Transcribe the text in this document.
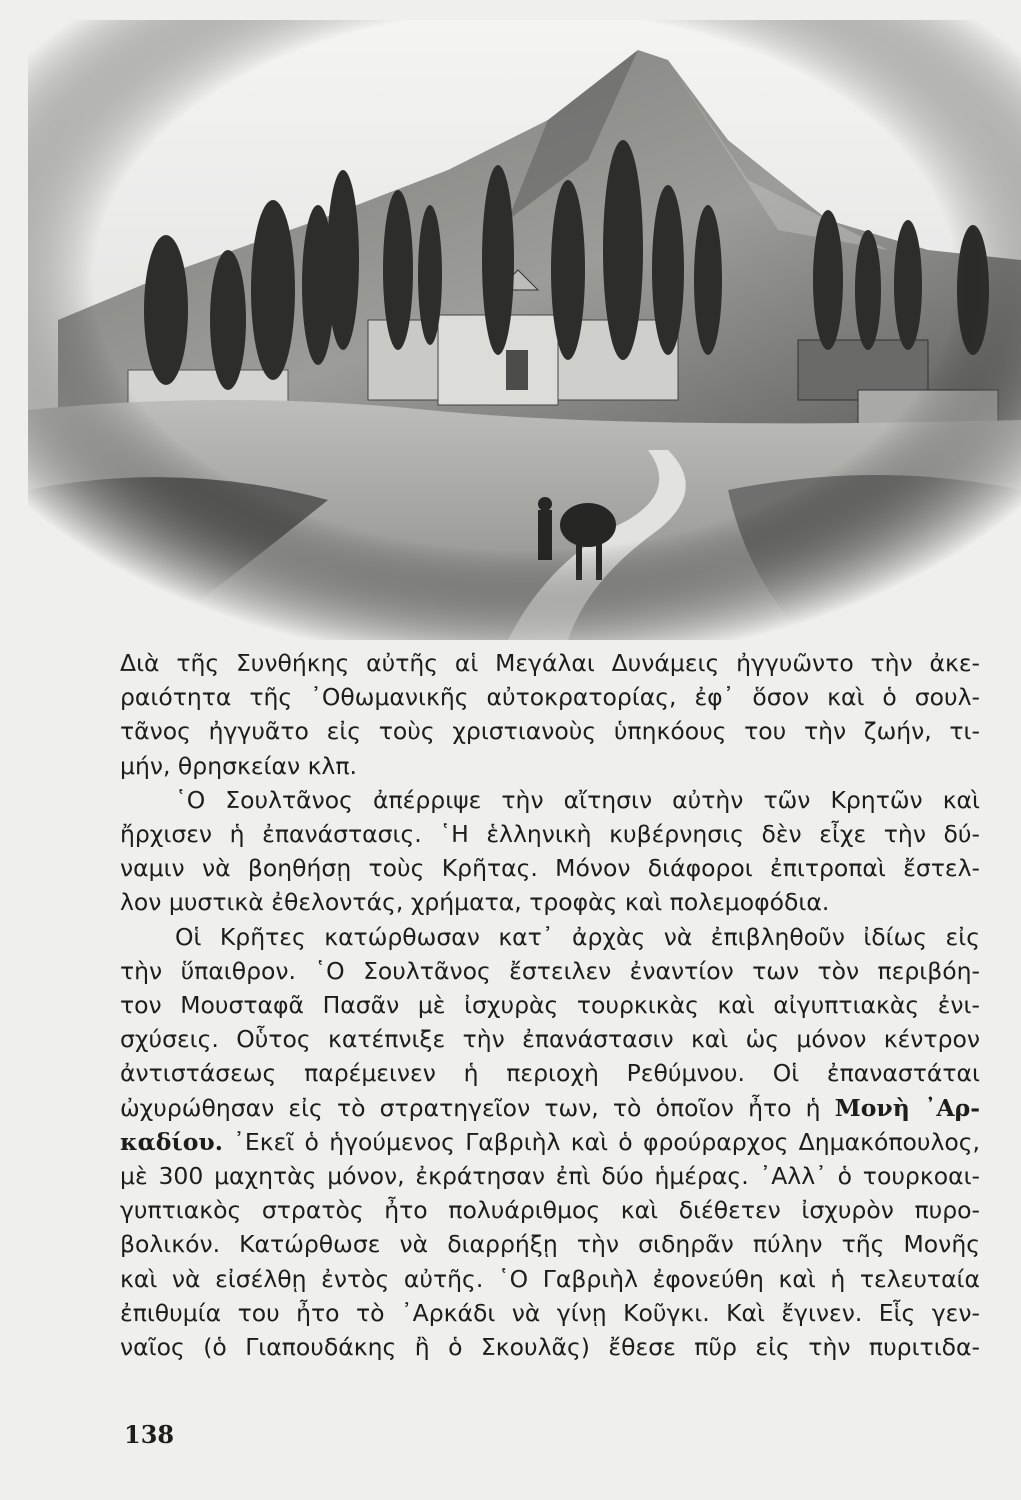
Διὰ τῆς Συνθήκης αὐτῆς αἱ Μεγάλαι Δυνάμεις ἠγγυῶντο τὴν ἀκε-
ραιότητα τῆς ᾿Οθωμανικῆς αὐτοκρατορίας, ἐφ᾿ ὅσον καὶ ὁ σουλ-
τᾶνος ἠγγυᾶτο εἰς τοὺς χριστιανοὺς ὑπηκόους του τὴν ζωήν, τι-
μήν, θρησκείαν κλπ.

῾Ο Σουλτᾶνος ἀπέρριψε τὴν αἴτησιν αὐτὴν τῶν Κρητῶν καὶ
ἤρχισεν ἡ ἐπανάστασις. ῾Η ἑλληνικὴ κυβέρνησις δὲν εἶχε τὴν δύ-
ναμιν νὰ βοηθήσῃ τοὺς Κρῆτας. Μόνον διάφοροι ἐπιτροπαὶ ἔστελ-
λον μυστικὰ ἐθελοντάς, χρήματα, τροφὰς καὶ πολεμοφόδια.

Οἱ Κρῆτες κατώρθωσαν κατ᾿ ἀρχὰς νὰ ἐπιβληθοῦν ἰδίως εἰς
τὴν ὕπαιθρον. ῾Ο Σουλτᾶνος ἔστειλεν ἐναντίον των τὸν περιβόη-
τον Μουσταφᾶ Πασᾶν μὲ ἰσχυρὰς τουρκικὰς καὶ αἰγυπτιακὰς ἐνι-
σχύσεις. Οὗτος κατέπνιξε τὴν ἐπανάστασιν καὶ ὡς μόνον κέντρον
ἀντιστάσεως παρέμεινεν ἡ περιοχὴ Ρεθύμνου. Οἱ ἐπαναστάται
ὠχυρώθησαν εἰς τὸ στρατηγεῖον των, τὸ ὁποῖον ἦτο ἡ Μονὴ ᾿Αρ-
καδίου. ᾿Εκεῖ ὁ ἡγούμενος Γαβριὴλ καὶ ὁ φρούραρχος Δημακόπουλος,
μὲ 300 μαχητὰς μόνον, ἐκράτησαν ἐπὶ δύο ἡμέρας. ᾿Αλλ᾿ ὁ τουρκοαι-
γυπτιακὸς στρατὸς ἦτο πολυάριθμος καὶ διέθετεν ἰσχυρὸν πυρο-
βολικόν. Κατώρθωσε νὰ διαρρήξῃ τὴν σιδηρᾶν πύλην τῆς Μονῆς
καὶ νὰ εἰσέλθῃ ἐντὸς αὐτῆς. ῾Ο Γαβριὴλ ἐφονεύθη καὶ ἡ τελευταία
ἐπιθυμία του ἦτο τὸ ᾿Αρκάδι νὰ γίνῃ Κοῦγκι. Καὶ ἔγινεν. Εἷς γεν-
ναῖος (ὁ Γιαπουδάκης ἢ ὁ Σκουλᾶς) ἔθεσε πῦρ εἰς τὴν πυριτιδα-

138
